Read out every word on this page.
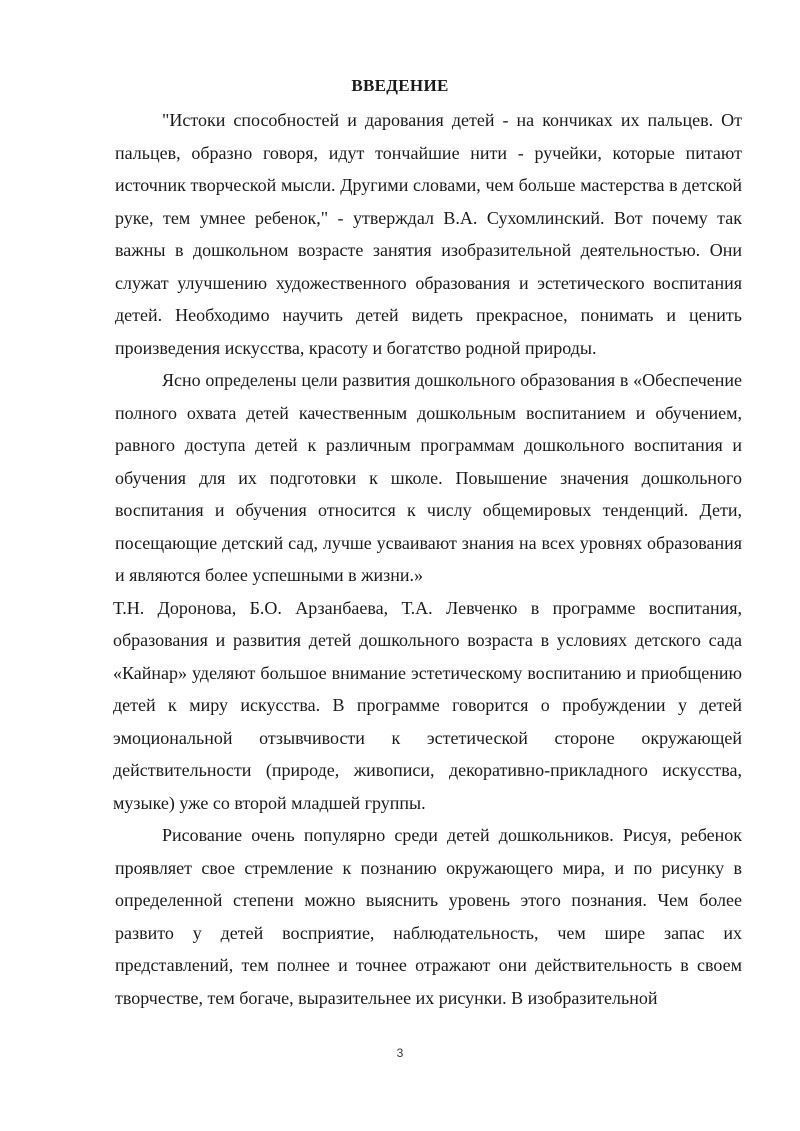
ВВЕДЕНИЕ

"Истоки способностей и дарования детей - на кончиках их пальцев. От пальцев, образно говоря, идут тончайшие нити - ручейки, которые питают источник творческой мысли. Другими словами, чем больше мастерства в детской руке, тем умнее ребенок," - утверждал В.А. Сухомлинский. Вот почему так важны в дошкольном возрасте занятия изобразительной деятельностью. Они служат улучшению художественного образования и эстетического воспитания детей. Необходимо научить детей видеть прекрасное, понимать и ценить произведения искусства, красоту и богатство родной природы.

Ясно определены цели развития дошкольного образования в «Обеспечение полного охвата детей качественным дошкольным воспитанием и обучением, равного доступа детей к различным программам дошкольного воспитания и обучения для их подготовки к школе. Повышение значения дошкольного воспитания и обучения относится к числу общемировых тенденций. Дети, посещающие детский сад, лучше усваивают знания на всех уровнях образования и являются более успешными в жизни.»

Т.Н. Доронова, Б.О. Арзанбаева, Т.А. Левченко в программе воспитания, образования и развития детей дошкольного возраста в условиях детского сада «Кайнар» уделяют большое внимание эстетическому воспитанию и приобщению детей к миру искусства. В программе говорится о пробуждении у детей эмоциональной отзывчивости к эстетической стороне окружающей действительности (природе, живописи, декоративно-прикладного искусства, музыке) уже со второй младшей группы.

Рисование очень популярно среди детей дошкольников. Рисуя, ребенок проявляет свое стремление к познанию окружающего мира, и по рисунку в определенной степени можно выяснить уровень этого познания. Чем более развито у детей восприятие, наблюдательность, чем шире запас их представлений, тем полнее и точнее отражают они действительность в своем творчестве, тем богаче, выразительнее их рисунки. В изобразительной

3
